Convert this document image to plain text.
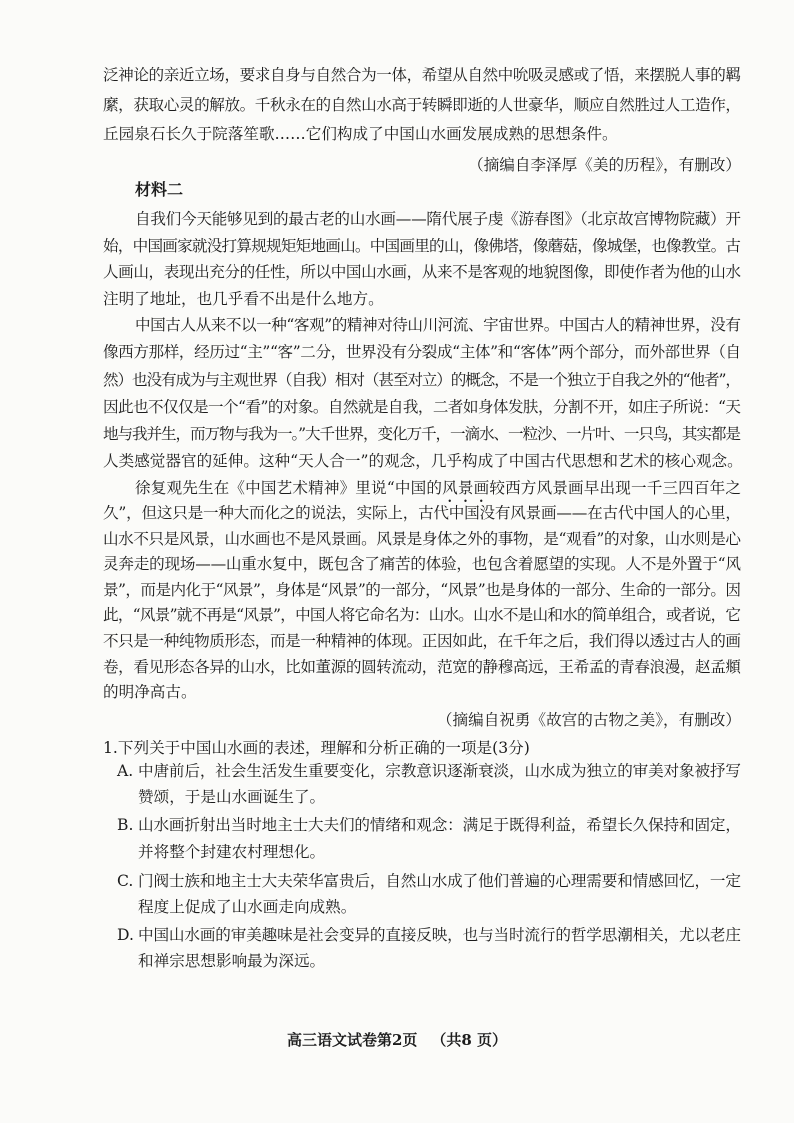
泛神论的亲近立场，要求自身与自然合为一体，希望从自然中吮吸灵感或了悟，来摆脱人事的羁
縻，获取心灵的解放。千秋永在的自然山水高于转瞬即逝的人世豪华，顺应自然胜过人工造作，
丘园泉石长久于院落笙歌……它们构成了中国山水画发展成熟的思想条件。
（摘编自李泽厚《美的历程》，有删改）
材料二
自我们今天能够见到的最古老的山水画——隋代展子虔《游春图》（北京故宫博物院藏）开
始，中国画家就没打算规规矩矩地画山。中国画里的山，像佛塔，像蘑菇，像城堡，也像教堂。古
人画山，表现出充分的任性，所以中国山水画，从来不是客观的地貌图像，即使作者为他的山水
注明了地址，也几乎看不出是什么地方。
中国古人从来不以一种“客观”的精神对待山川河流、宇宙世界。中国古人的精神世界，没有
像西方那样，经历过“主”“客”二分，世界没有分裂成“主体”和“客体”两个部分，而外部世界（自
然）也没有成为与主观世界（自我）相对（甚至对立）的概念，不是一个独立于自我之外的“他者”，
因此也不仅仅是一个“看”的对象。自然就是自我，二者如身体发肤，分割不开，如庄子所说：“天
地与我并生，而万物与我为一。”大千世界，变化万千，一滴水、一粒沙、一片叶、一只鸟，其实都是
人类感觉器官的延伸。这种“天人合一”的观念，几乎构成了中国古代思想和艺术的核心观念。
徐复观先生在《中国艺术精神》里说“中国的风景画较西方风景画早出现一千三四百年之
久”，但这只是一种大而化之的说法，实际上，古代中国没有风景画——在古代中国人的心里，
山水不只是风景，山水画也不是风景画。风景是身体之外的事物，是“观看”的对象，山水则是心
灵奔走的现场——山重水复中，既包含了痛苦的体验，也包含着愿望的实现。人不是外置于“风
景”，而是内化于“风景”，身体是“风景”的一部分，“风景”也是身体的一部分、生命的一部分。因
此，“风景”就不再是“风景”，中国人将它命名为：山水。山水不是山和水的简单组合，或者说，它
不只是一种纯物质形态，而是一种精神的体现。正因如此，在千年之后，我们得以透过古人的画
卷，看见形态各异的山水，比如董源的圆转流动，范宽的静穆高远，王希孟的青春浪漫，赵孟頫
的明净高古。
（摘编自祝勇《故宫的古物之美》，有删改）
1.下列关于中国山水画的表述，理解和分析正确的一项是(3分)
A. 中唐前后，社会生活发生重要变化，宗教意识逐渐衰淡，山水成为独立的审美对象被抒写
赞颂，于是山水画诞生了。
B. 山水画折射出当时地主士大夫们的情绪和观念：满足于既得利益，希望长久保持和固定，
并将整个封建农村理想化。
C. 门阀士族和地主士大夫荣华富贵后，自然山水成了他们普遍的心理需要和情感回忆，一定
程度上促成了山水画走向成熟。
D. 中国山水画的审美趣味是社会变异的直接反映，也与当时流行的哲学思潮相关，尤以老庄
和禅宗思想影响最为深远。
高三语文试卷第2页 （共8 页）
